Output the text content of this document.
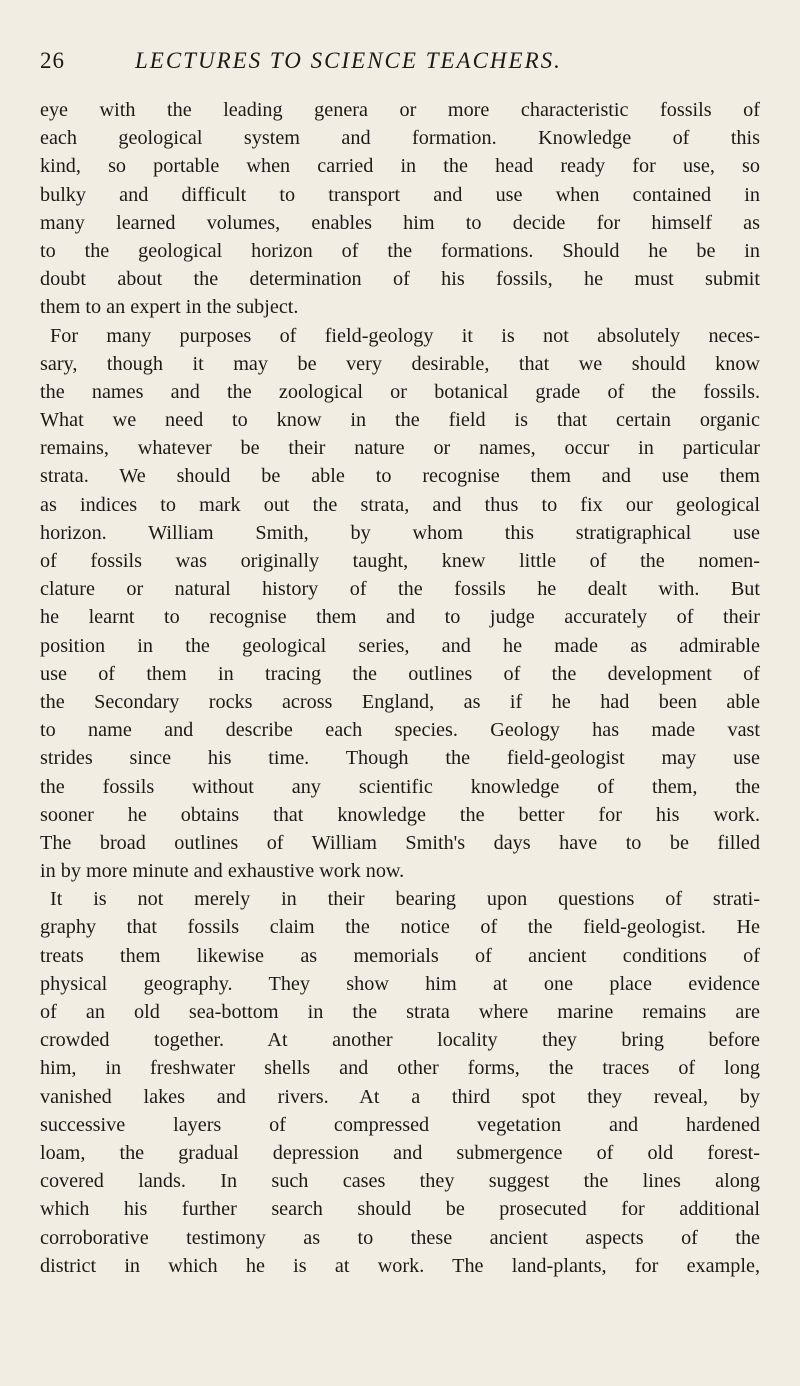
26	LECTURES TO SCIENCE TEACHERS.
eye with the leading genera or more characteristic fossils of
each geological system and formation. Knowledge of this
kind, so portable when carried in the head ready for use, so
bulky and difficult to transport and use when contained in
many learned volumes, enables him to decide for himself as
to the geological horizon of the formations. Should he be in
doubt about the determination of his fossils, he must submit
them to an expert in the subject.
For many purposes of field-geology it is not absolutely neces-
sary, though it may be very desirable, that we should know
the names and the zoological or botanical grade of the fossils.
What we need to know in the field is that certain organic
remains, whatever be their nature or names, occur in particular
strata. We should be able to recognise them and use them
as indices to mark out the strata, and thus to fix our geological
horizon. William Smith, by whom this stratigraphical use
of fossils was originally taught, knew little of the nomen-
clature or natural history of the fossils he dealt with. But
he learnt to recognise them and to judge accurately of their
position in the geological series, and he made as admirable
use of them in tracing the outlines of the development of
the Secondary rocks across England, as if he had been able
to name and describe each species. Geology has made vast
strides since his time. Though the field-geologist may use
the fossils without any scientific knowledge of them, the
sooner he obtains that knowledge the better for his work.
The broad outlines of William Smith's days have to be filled
in by more minute and exhaustive work now.
It is not merely in their bearing upon questions of strati-
graphy that fossils claim the notice of the field-geologist. He
treats them likewise as memorials of ancient conditions of
physical geography. They show him at one place evidence
of an old sea-bottom in the strata where marine remains are
crowded together. At another locality they bring before
him, in freshwater shells and other forms, the traces of long
vanished lakes and rivers. At a third spot they reveal, by
successive layers of compressed vegetation and hardened
loam, the gradual depression and submergence of old forest-
covered lands. In such cases they suggest the lines along
which his further search should be prosecuted for additional
corroborative testimony as to these ancient aspects of the
district in which he is at work. The land-plants, for example,
